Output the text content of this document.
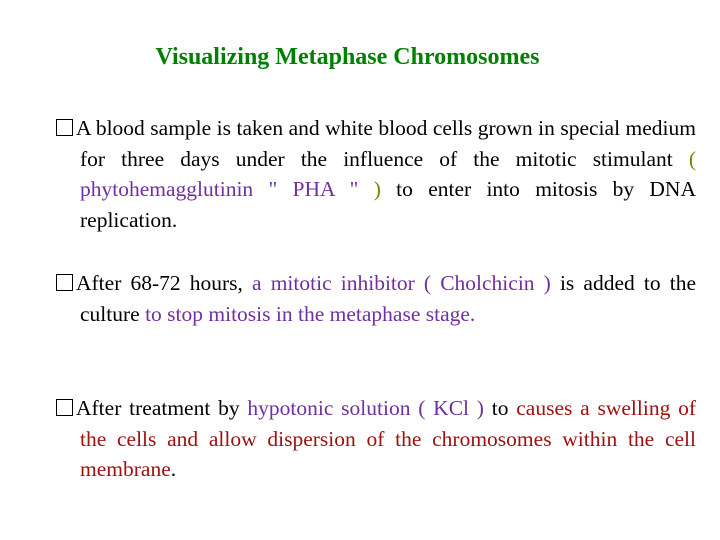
Visualizing Metaphase Chromosomes
A blood sample is taken and white blood cells grown in special medium for three days under the influence of the mitotic stimulant ( phytohemagglutinin " PHA " ) to enter into mitosis by DNA replication.
After 68-72 hours, a mitotic inhibitor ( Cholchicin ) is added to the culture to stop mitosis in the metaphase stage.
After treatment by hypotonic solution ( KCl ) to causes a swelling of the cells and allow dispersion of the chromosomes within the cell membrane.
